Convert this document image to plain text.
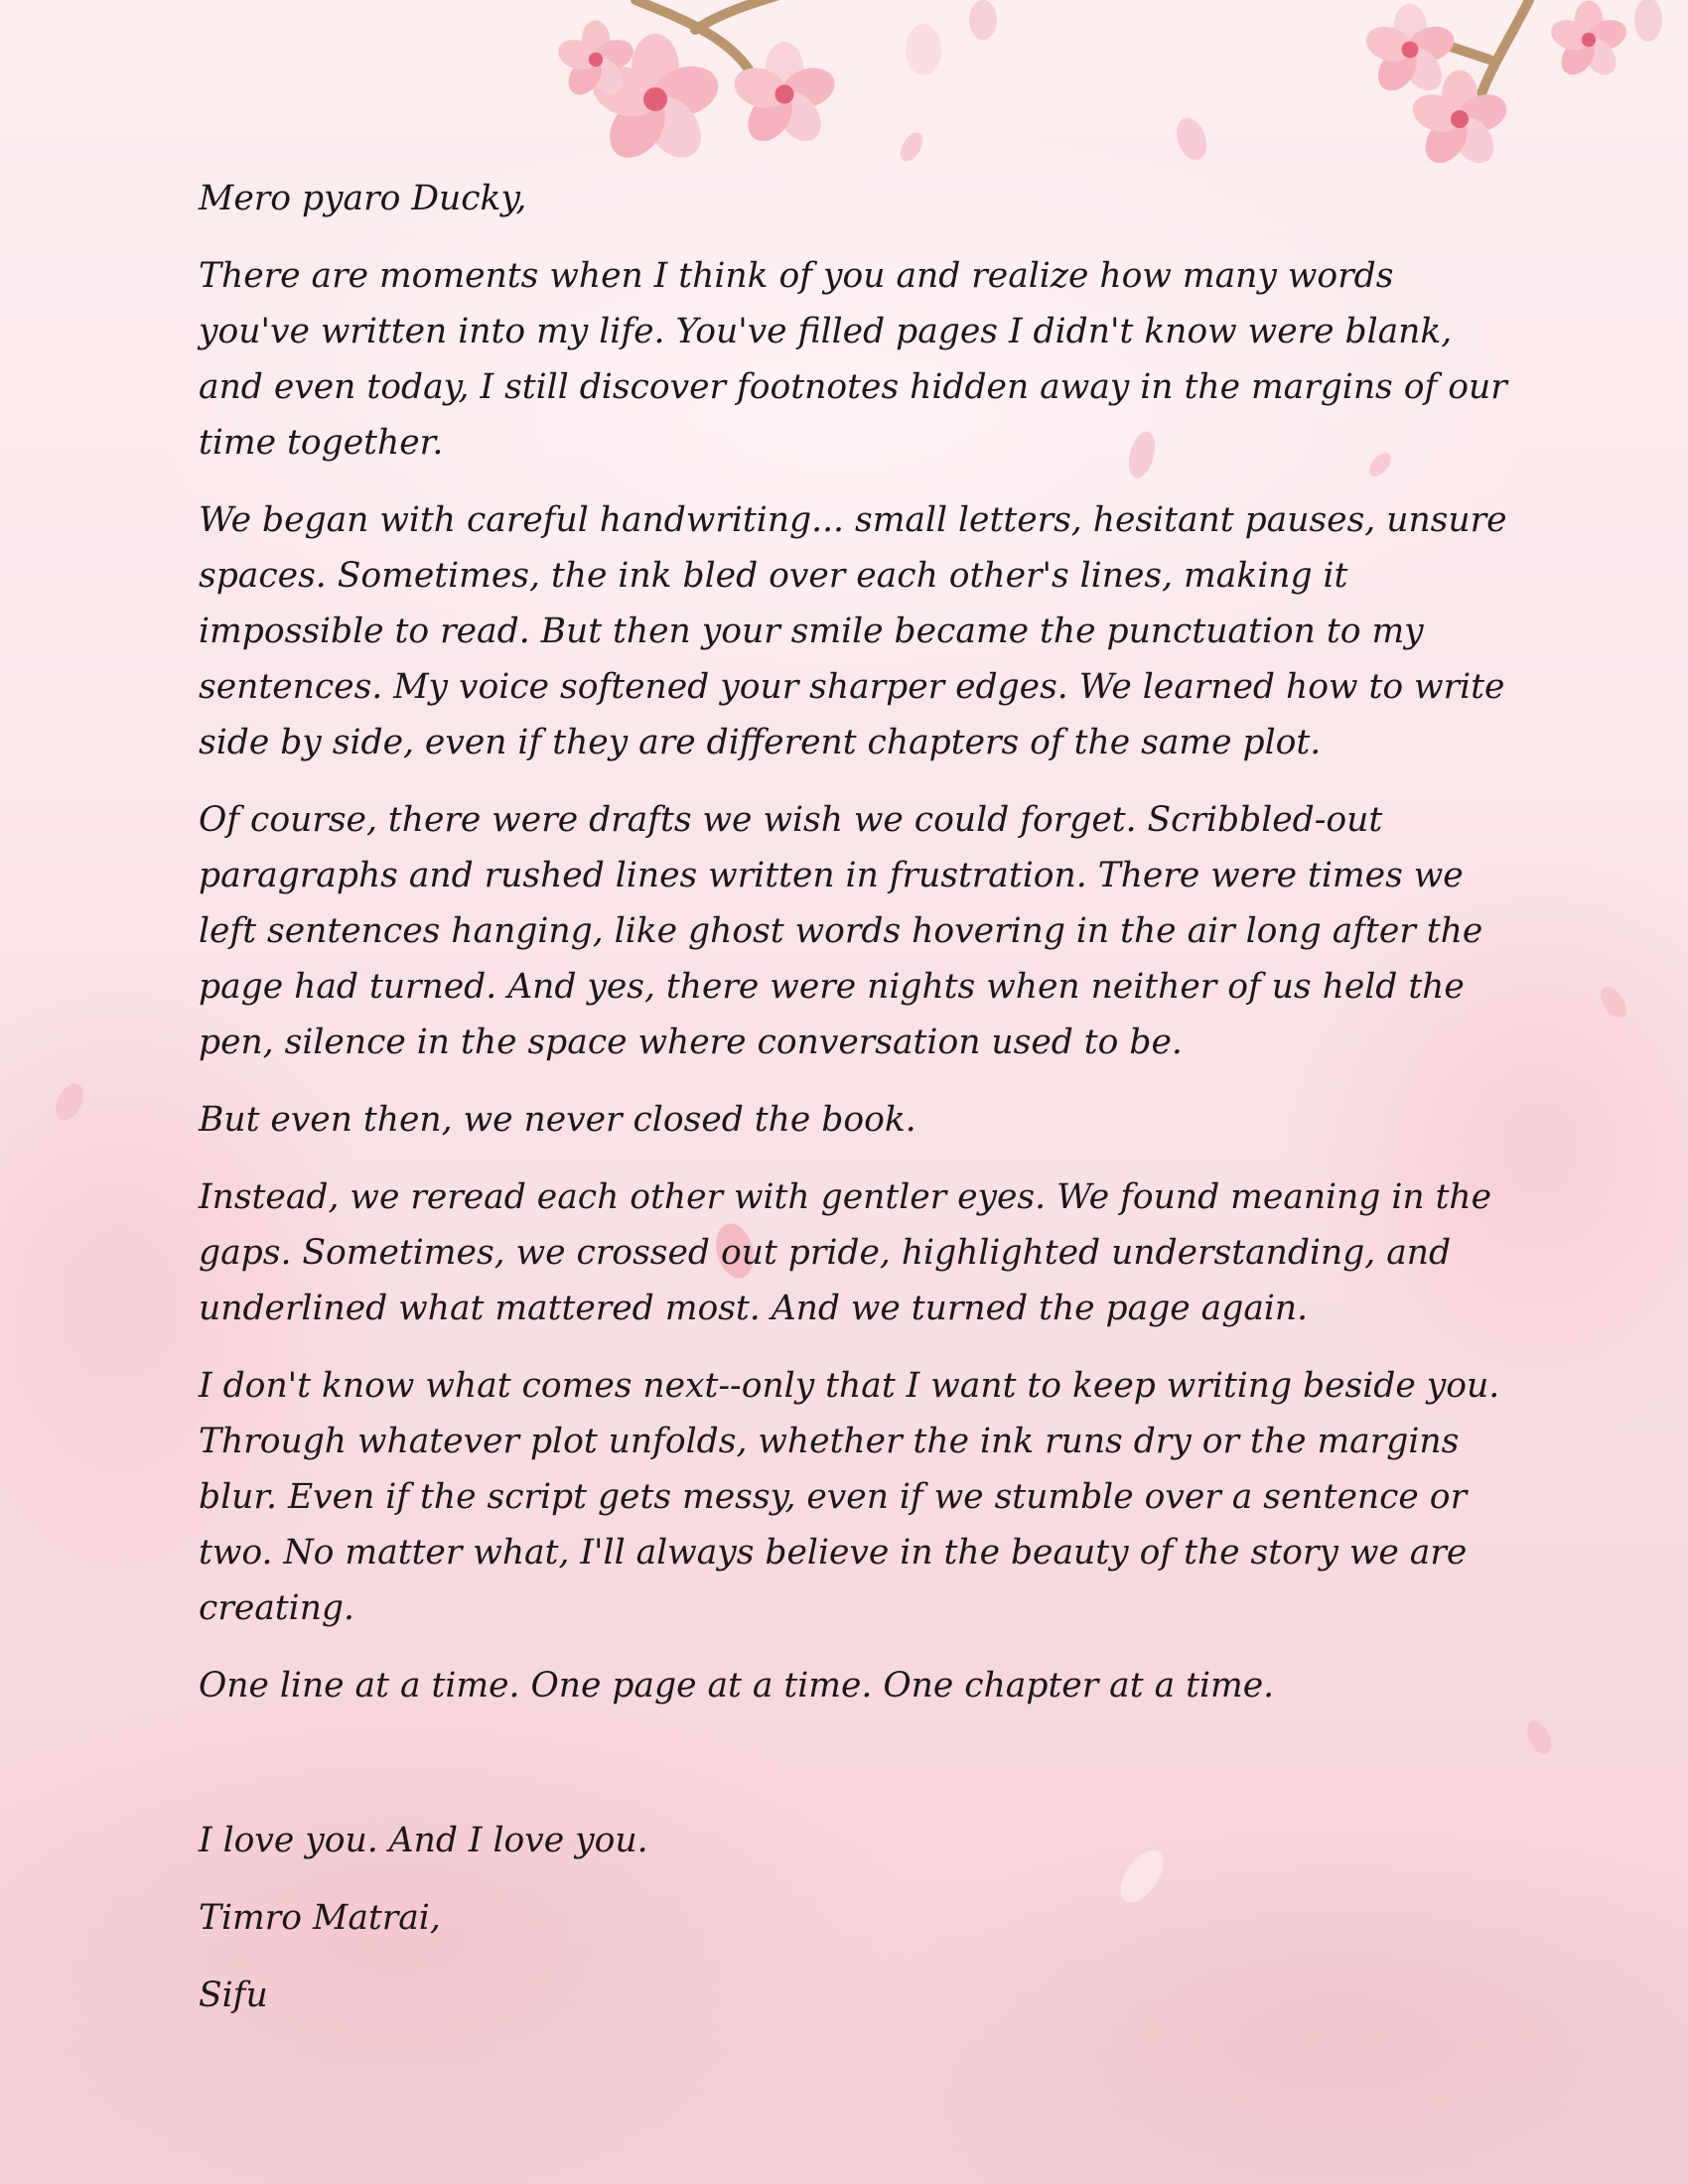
Mero pyaro Ducky,

There are moments when I think of you and realize how many words you've written into my life. You've filled pages I didn't know were blank, and even today, I still discover footnotes hidden away in the margins of our time together.

We began with careful handwriting... small letters, hesitant pauses, unsure spaces. Sometimes, the ink bled over each other's lines, making it impossible to read. But then your smile became the punctuation to my sentences. My voice softened your sharper edges. We learned how to write side by side, even if they are different chapters of the same plot.

Of course, there were drafts we wish we could forget. Scribbled-out paragraphs and rushed lines written in frustration. There were times we left sentences hanging, like ghost words hovering in the air long after the page had turned. And yes, there were nights when neither of us held the pen, silence in the space where conversation used to be.

But even then, we never closed the book.

Instead, we reread each other with gentler eyes. We found meaning in the gaps. Sometimes, we crossed out pride, highlighted understanding, and underlined what mattered most. And we turned the page again.

I don't know what comes next--only that I want to keep writing beside you. Through whatever plot unfolds, whether the ink runs dry or the margins blur. Even if the script gets messy, even if we stumble over a sentence or two. No matter what, I'll always believe in the beauty of the story we are creating.

One line at a time. One page at a time. One chapter at a time.

I love you. And I love you.

Timro Matrai,

Sifu
